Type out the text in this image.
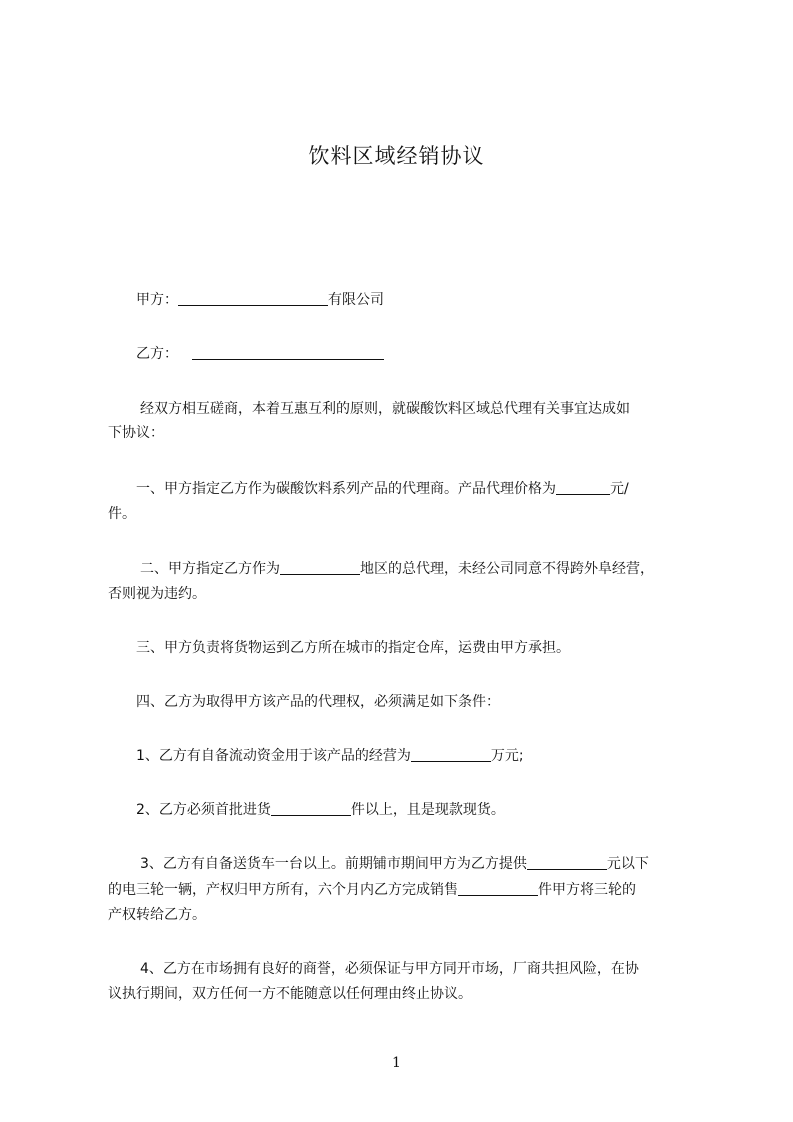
饮料区域经销协议
甲方：	有限公司
乙方：
经双方相互磋商，本着互惠互利的原则，就碳酸饮料区域总代理有关事宜达成如
下协议：
一、甲方指定乙方作为碳酸饮料系列产品的代理商。产品代理价格为	元/
件。
二、甲方指定乙方作为	地区的总代理，未经公司同意不得跨外阜经营，
否则视为违约。
三、甲方负责将货物运到乙方所在城市的指定仓库，运费由甲方承担。
四、乙方为取得甲方该产品的代理权，必须满足如下条件：
1、乙方有自备流动资金用于该产品的经营为	万元;
2、乙方必须首批进货	件以上，且是现款现货。
3、乙方有自备送货车一台以上。前期铺市期间甲方为乙方提供	元以下
的电三轮一辆，产权归甲方所有，六个月内乙方完成销售	件甲方将三轮的
产权转给乙方。
4、乙方在市场拥有良好的商誉，必须保证与甲方同开市场，厂商共担风险，在协
议执行期间，双方任何一方不能随意以任何理由终止协议。
1
